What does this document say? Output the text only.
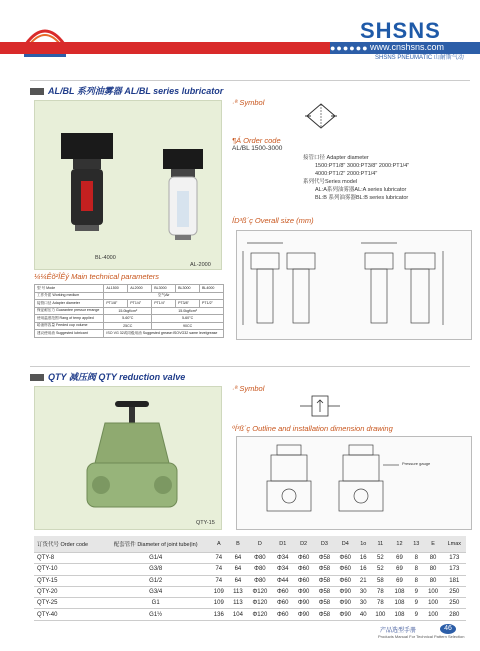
SHSNS
●●●●●● www.cnshsns.com
SHSNS PNEUMATIC 山耐斯气动
AL/BL 系列油雾器 AL/BL series lubricator
·ª Symbol
BL-4000
AL-2000
¶Á Order code
AL/BL 1500-3000
接管口径 Adapter diameter
1500:PT1/8" 3000:PT3/8" 2000:PT1/4"
4000:PT1/2" 2000:PT1/4"
系列代号Series model
AL:A系列油雾器AL:A series lubricator
BL:B 系列油雾器BL:B series lubricator
ÍD³ß´ç Overall size (mm)
¼¼Êõ²ÎÊý Main technical parameters
型 号 Mode	AL1500	AL2000	BL3000	BL3000	BL4000
工作介质 Working medium	空气Air				
接管口径 Adapter diameter	PT1/8"	PT1/4"	PT1/4"	PT3/8"	PT1/2"
保证耐压力 Guarantee pressur errange	15.0kgf/cm²		15.0kgf/cm²		
使用温度范围 Rang of temp applied	5-60°C		5-60°C		
给油杯容量 Feeded cup volume	25CC		90CC		
建议使用油 Suggested lubricant	ISO VG 32或同级用油 Suggested grease:ISOVG32 same levelgrease				
QTY 减压阀 QTY reduction valve
QTY-15
·ª Symbol
ºÍ³ß´ç Outline and installation dimension drawing
Pressure gauge
订货代号 Order code	配套管件 Diameter of joint tube(in)	A	B	D	D1	D2	D3	D4	1o	11	12	13	E	Lmax
QTY-8	G1/4	74	64	Φ80	Φ34	Φ60	Φ58	Φ60	16	52	69	8	80	173
QTY-10	G3/8	74	64	Φ80	Φ34	Φ60	Φ58	Φ60	16	52	69	8	80	173
QTY-15	G1/2	74	64	Φ80	Φ44	Φ60	Φ58	Φ60	21	58	69	8	80	181
QTY-20	G3/4	109	113	Φ120	Φ60	Φ90	Φ58	Φ90	30	78	108	9	100	250
QTY-25	G1	109	113	Φ120	Φ60	Φ90	Φ58	Φ90	30	78	108	9	100	250
QTY-40	G1½	136	104	Φ120	Φ60	Φ90	Φ58	Φ90	40	100	108	9	100	280
产品选型手册	46
Products Manual For Technical Pattern Selection
